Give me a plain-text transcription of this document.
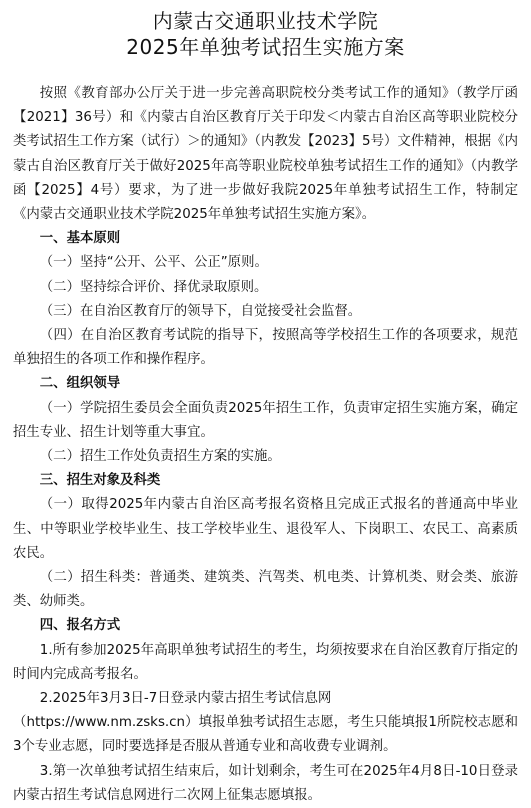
内蒙古交通职业技术学院
2025年单独考试招生实施方案

按照《教育部办公厅关于进一步完善高职院校分类考试工作的通知》（教学厅函【2021】36号）和《内蒙古自治区教育厅关于印发＜内蒙古自治区高等职业院校分类考试招生工作方案（试行）＞的通知》（内教发【2023】5号）文件精神，根据《内蒙古自治区教育厅关于做好2025年高等职业院校单独考试招生工作的通知》（内教学函【2025】4号）要求，为了进一步做好我院2025年单独考试招生工作，特制定《内蒙古交通职业技术学院2025年单独考试招生实施方案》。

一、基本原则

（一）坚持“公开、公平、公正”原则。

（二）坚持综合评价、择优录取原则。

（三）在自治区教育厅的领导下，自觉接受社会监督。

（四）在自治区教育考试院的指导下，按照高等学校招生工作的各项要求，规范单独招生的各项工作和操作程序。

二、组织领导

（一）学院招生委员会全面负责2025年招生工作，负责审定招生实施方案，确定招生专业、招生计划等重大事宜。

（二）招生工作处负责招生方案的实施。

三、招生对象及科类

（一）取得2025年内蒙古自治区高考报名资格且完成正式报名的普通高中毕业生、中等职业学校毕业生、技工学校毕业生、退役军人、下岗职工、农民工、高素质农民。

（二）招生科类：普通类、建筑类、汽驾类、机电类、计算机类、财会类、旅游类、幼师类。

四、报名方式

1.所有参加2025年高职单独考试招生的考生，均须按要求在自治区教育厅指定的时间内完成高考报名。

2.2025年3月3日-7日登录内蒙古招生考试信息网

（https://www.nm.zsks.cn）填报单独考试招生志愿，考生只能填报1所院校志愿和3个专业志愿，同时要选择是否服从普通专业和高收费专业调剂。

3.第一次单独考试招生结束后，如计划剩余，考生可在2025年4月8日-10日登录内蒙古招生考试信息网进行二次网上征集志愿填报。
